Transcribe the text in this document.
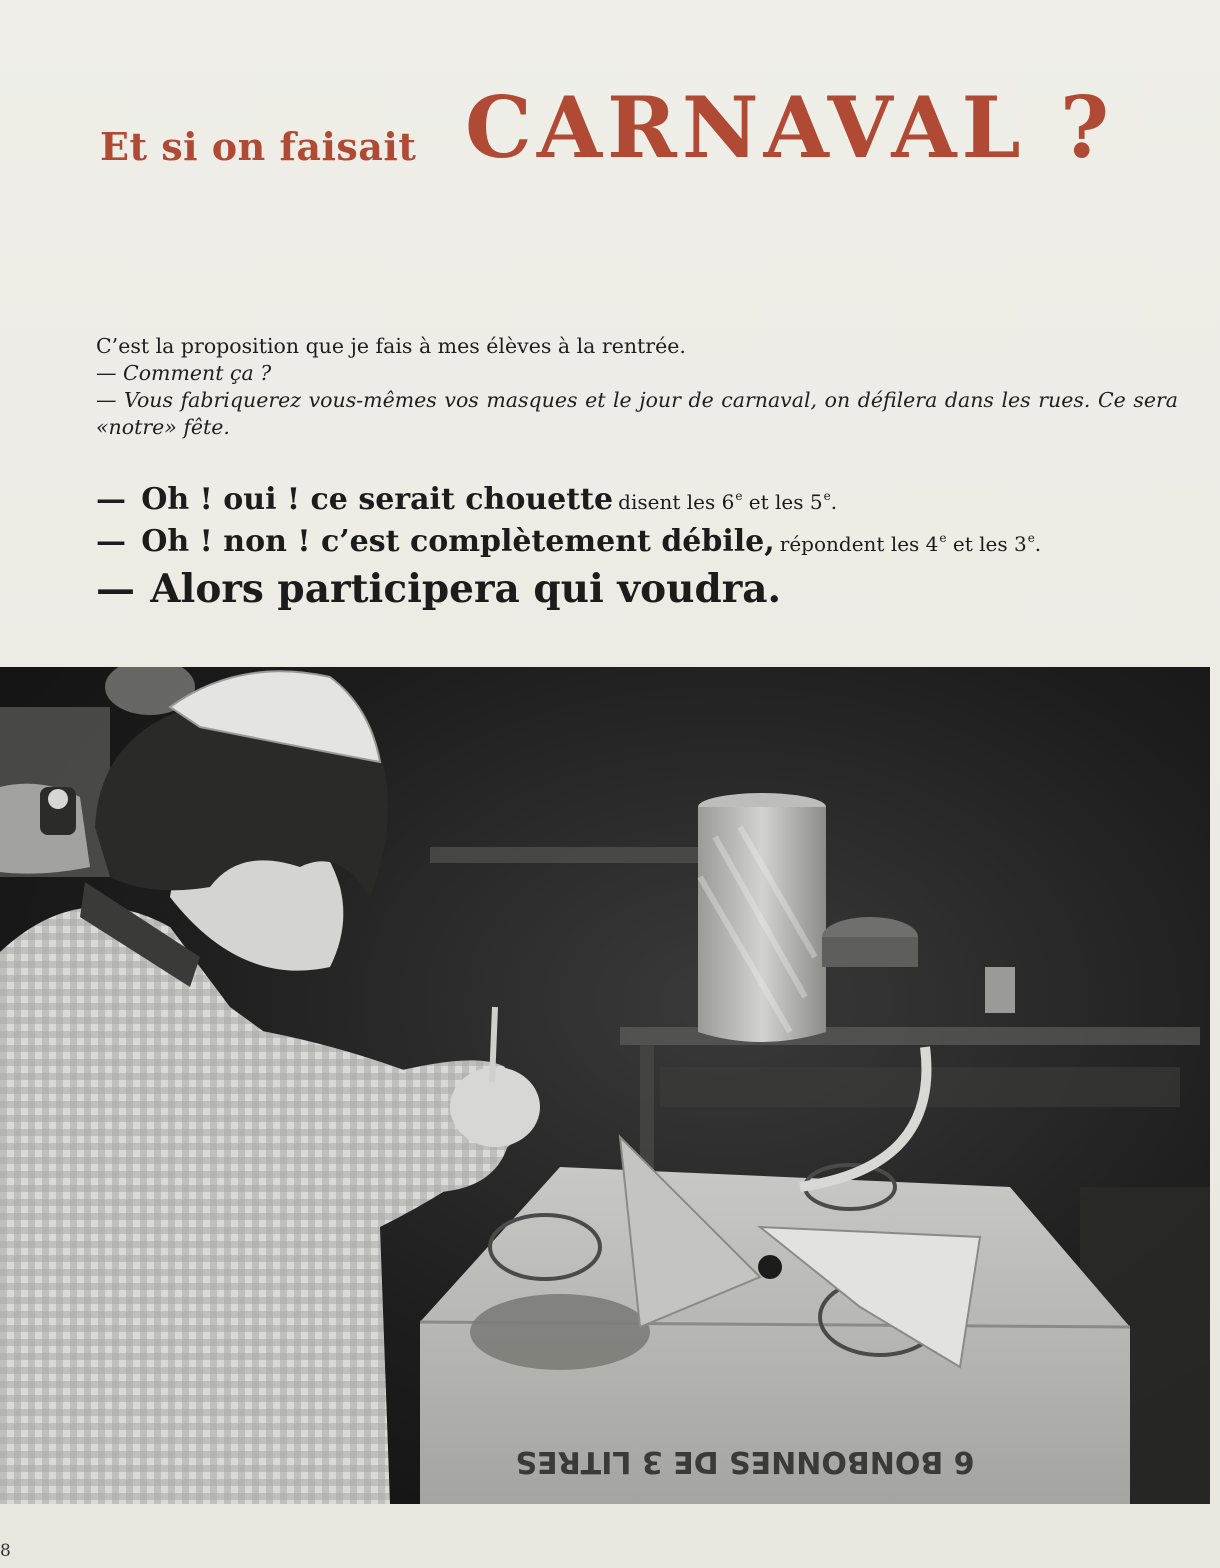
Et si on faisait CARNAVAL ?
C’est la proposition que je fais à mes élèves à la rentrée.
— Comment ça ?
— Vous fabriquerez vous-mêmes vos masques et le jour de carnaval, on défilera dans les rues. Ce sera «notre» fête.
— Oh ! oui ! ce serait chouette disent les 6e et les 5e.
— Oh ! non ! c’est complètement débile, répondent les 4e et les 3e.
— Alors participera qui voudra.
6 BONBONNES DE 3 LITRES
8
